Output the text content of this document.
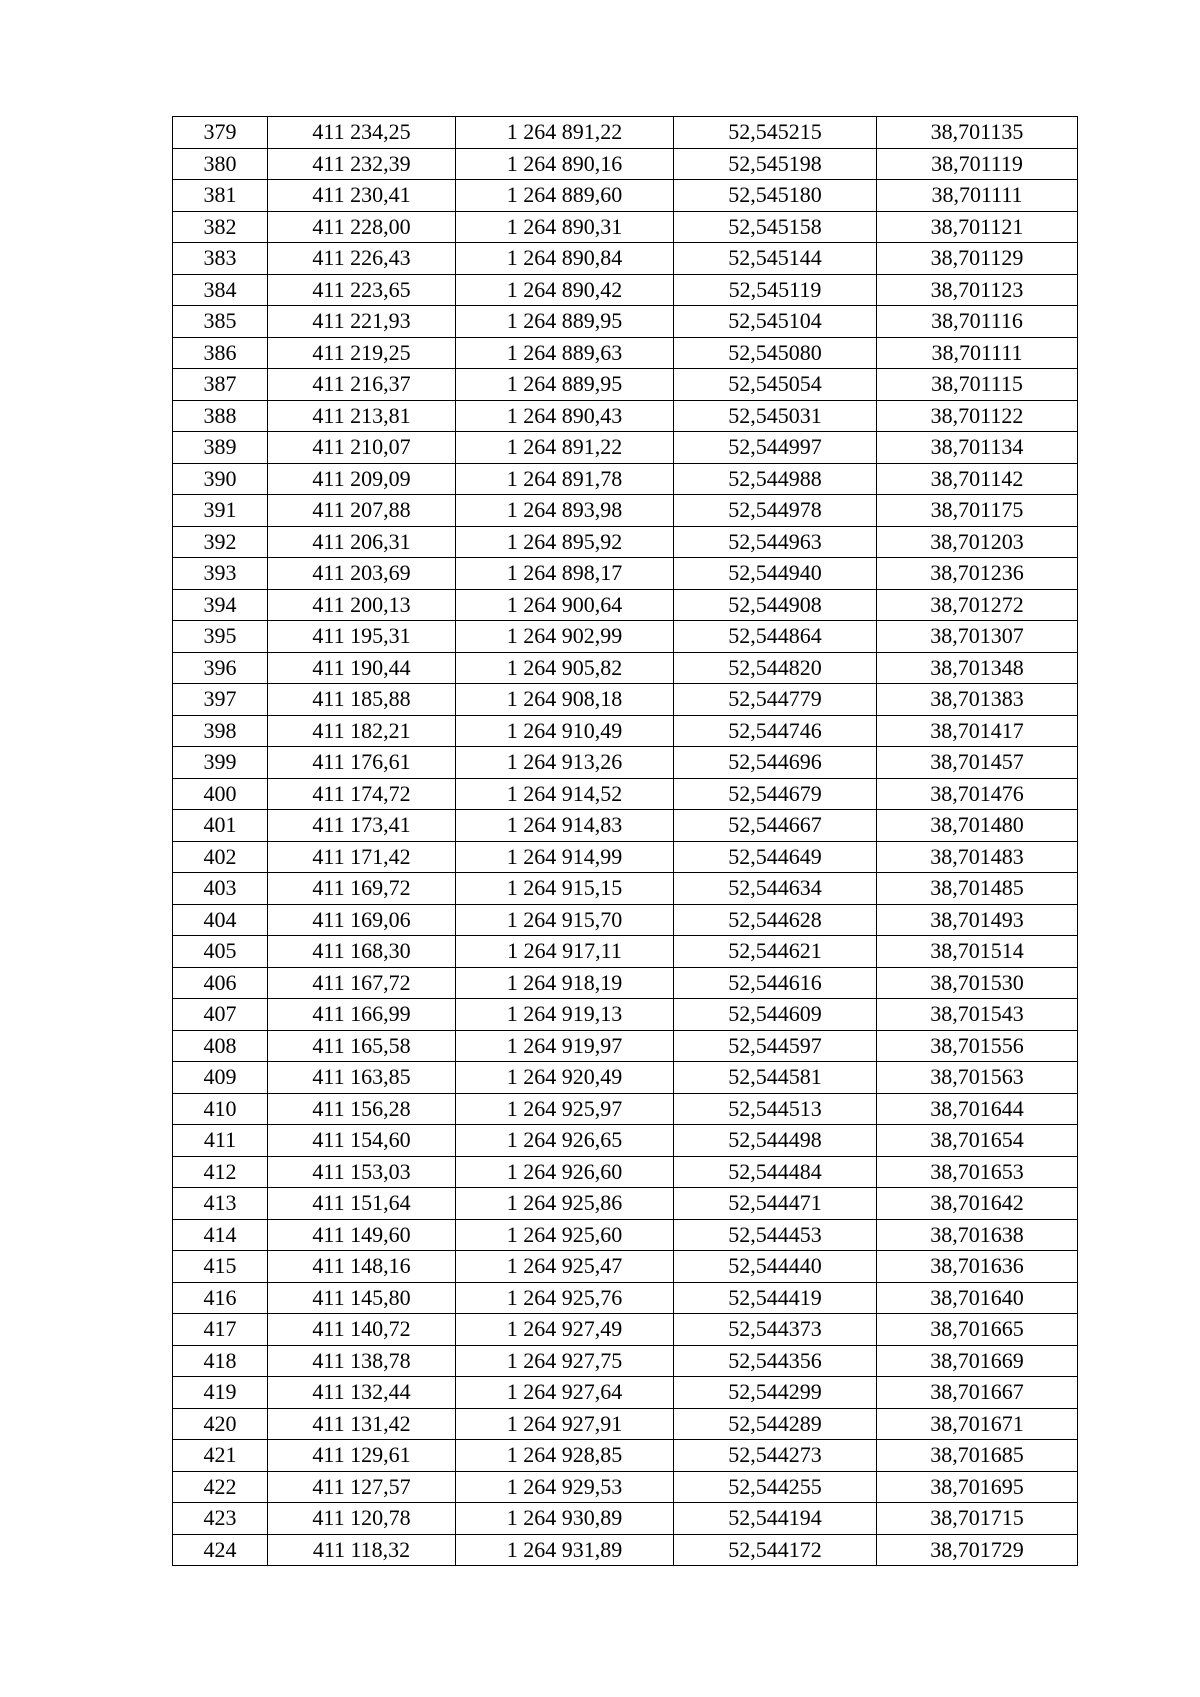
379	411 234,25	1 264 891,22	52,545215	38,701135
380	411 232,39	1 264 890,16	52,545198	38,701119
381	411 230,41	1 264 889,60	52,545180	38,701111
382	411 228,00	1 264 890,31	52,545158	38,701121
383	411 226,43	1 264 890,84	52,545144	38,701129
384	411 223,65	1 264 890,42	52,545119	38,701123
385	411 221,93	1 264 889,95	52,545104	38,701116
386	411 219,25	1 264 889,63	52,545080	38,701111
387	411 216,37	1 264 889,95	52,545054	38,701115
388	411 213,81	1 264 890,43	52,545031	38,701122
389	411 210,07	1 264 891,22	52,544997	38,701134
390	411 209,09	1 264 891,78	52,544988	38,701142
391	411 207,88	1 264 893,98	52,544978	38,701175
392	411 206,31	1 264 895,92	52,544963	38,701203
393	411 203,69	1 264 898,17	52,544940	38,701236
394	411 200,13	1 264 900,64	52,544908	38,701272
395	411 195,31	1 264 902,99	52,544864	38,701307
396	411 190,44	1 264 905,82	52,544820	38,701348
397	411 185,88	1 264 908,18	52,544779	38,701383
398	411 182,21	1 264 910,49	52,544746	38,701417
399	411 176,61	1 264 913,26	52,544696	38,701457
400	411 174,72	1 264 914,52	52,544679	38,701476
401	411 173,41	1 264 914,83	52,544667	38,701480
402	411 171,42	1 264 914,99	52,544649	38,701483
403	411 169,72	1 264 915,15	52,544634	38,701485
404	411 169,06	1 264 915,70	52,544628	38,701493
405	411 168,30	1 264 917,11	52,544621	38,701514
406	411 167,72	1 264 918,19	52,544616	38,701530
407	411 166,99	1 264 919,13	52,544609	38,701543
408	411 165,58	1 264 919,97	52,544597	38,701556
409	411 163,85	1 264 920,49	52,544581	38,701563
410	411 156,28	1 264 925,97	52,544513	38,701644
411	411 154,60	1 264 926,65	52,544498	38,701654
412	411 153,03	1 264 926,60	52,544484	38,701653
413	411 151,64	1 264 925,86	52,544471	38,701642
414	411 149,60	1 264 925,60	52,544453	38,701638
415	411 148,16	1 264 925,47	52,544440	38,701636
416	411 145,80	1 264 925,76	52,544419	38,701640
417	411 140,72	1 264 927,49	52,544373	38,701665
418	411 138,78	1 264 927,75	52,544356	38,701669
419	411 132,44	1 264 927,64	52,544299	38,701667
420	411 131,42	1 264 927,91	52,544289	38,701671
421	411 129,61	1 264 928,85	52,544273	38,701685
422	411 127,57	1 264 929,53	52,544255	38,701695
423	411 120,78	1 264 930,89	52,544194	38,701715
424	411 118,32	1 264 931,89	52,544172	38,701729
